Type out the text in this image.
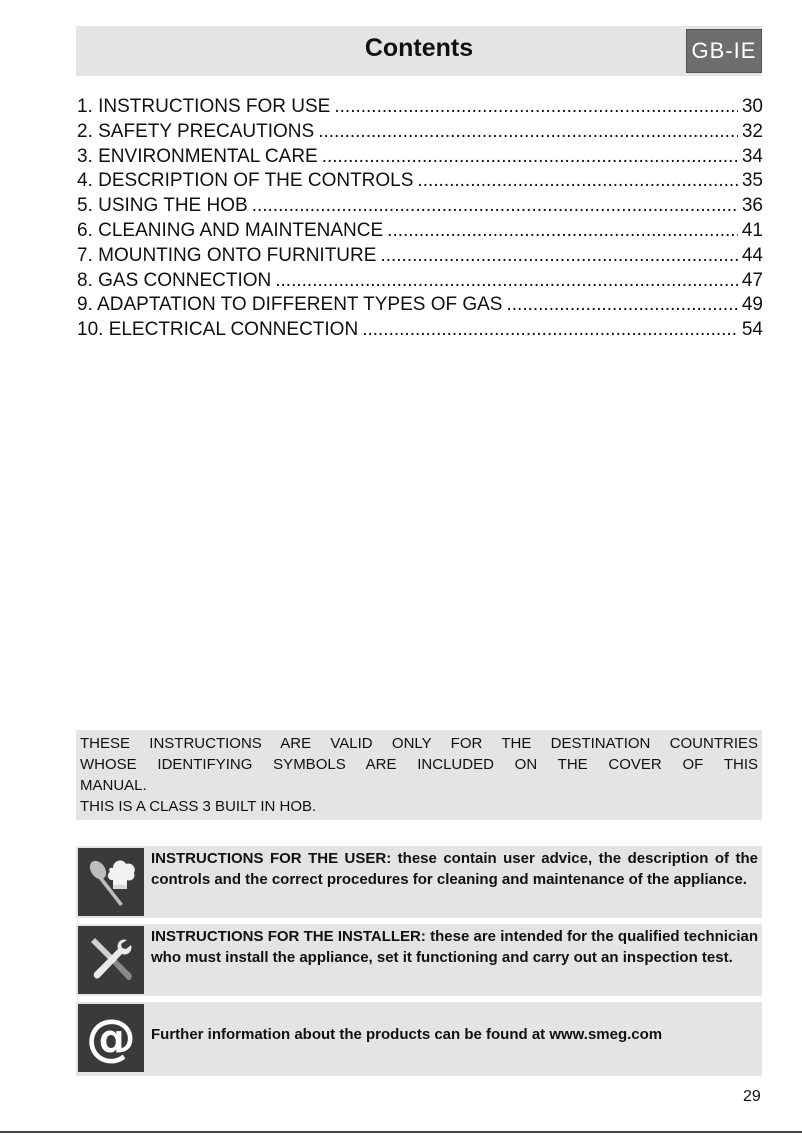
Contents	GB-IE
1. INSTRUCTIONS FOR USE .....	30
2. SAFETY PRECAUTIONS .....	32
3. ENVIRONMENTAL CARE .....	34
4. DESCRIPTION OF THE CONTROLS .....	35
5. USING THE HOB .....	36
6. CLEANING AND MAINTENANCE .....	41
7. MOUNTING ONTO FURNITURE .....	44
8. GAS CONNECTION .....	47
9. ADAPTATION TO DIFFERENT TYPES OF GAS .....	49
10. ELECTRICAL CONNECTION .....	54

THESE INSTRUCTIONS ARE VALID ONLY FOR THE DESTINATION COUNTRIES

WHOSE IDENTIFYING SYMBOLS ARE INCLUDED ON THE COVER OF THIS

MANUAL.

THIS IS A CLASS 3 BUILT IN HOB.

INSTRUCTIONS FOR THE USER: these contain user advice, the description of the controls and the correct procedures for cleaning and maintenance of the appliance.
INSTRUCTIONS FOR THE INSTALLER: these are intended for the qualified technician who must install the appliance, set it functioning and carry out an inspection test.
@ Further information about the products can be found at www.smeg.com
29
